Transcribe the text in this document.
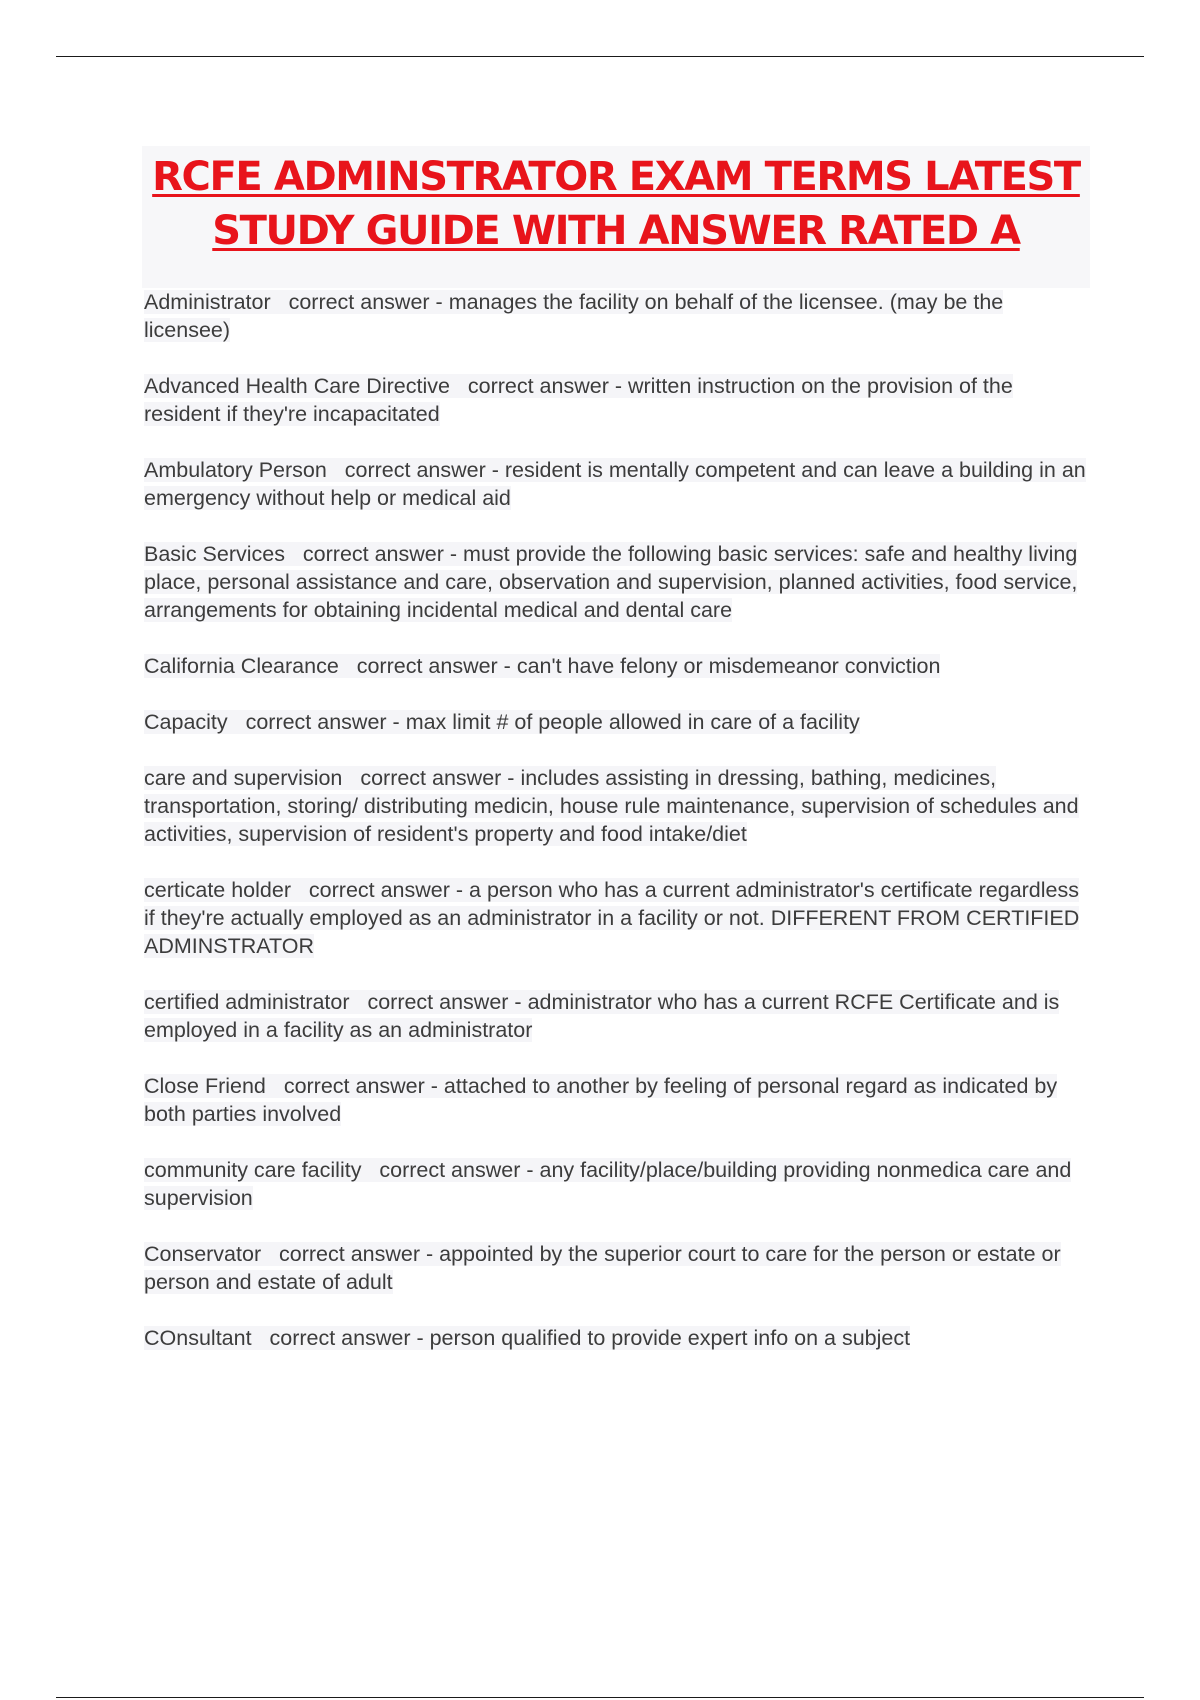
RCFE ADMINSTRATOR EXAM TERMS LATEST
STUDY GUIDE WITH ANSWER RATED A

Administrator correct answer - manages the facility on behalf of the licensee. (may be the licensee)

Advanced Health Care Directive correct answer - written instruction on the provision of the resident if they're incapacitated

Ambulatory Person correct answer - resident is mentally competent and can leave a building in an emergency without help or medical aid

Basic Services correct answer - must provide the following basic services: safe and healthy living place, personal assistance and care, observation and supervision, planned activities, food service, arrangements for obtaining incidental medical and dental care

California Clearance correct answer - can't have felony or misdemeanor conviction

Capacity correct answer - max limit # of people allowed in care of a facility

care and supervision correct answer - includes assisting in dressing, bathing, medicines, transportation, storing/ distributing medicin, house rule maintenance, supervision of schedules and activities, supervision of resident's property and food intake/diet

certicate holder correct answer - a person who has a current administrator's certificate regardless if they're actually employed as an administrator in a facility or not. DIFFERENT FROM CERTIFIED ADMINSTRATOR

certified administrator correct answer - administrator who has a current RCFE Certificate and is employed in a facility as an administrator

Close Friend correct answer - attached to another by feeling of personal regard as indicated by both parties involved

community care facility correct answer - any facility/place/building providing nonmedica care and supervision

Conservator correct answer - appointed by the superior court to care for the person or estate or person and estate of adult

COnsultant correct answer - person qualified to provide expert info on a subject
